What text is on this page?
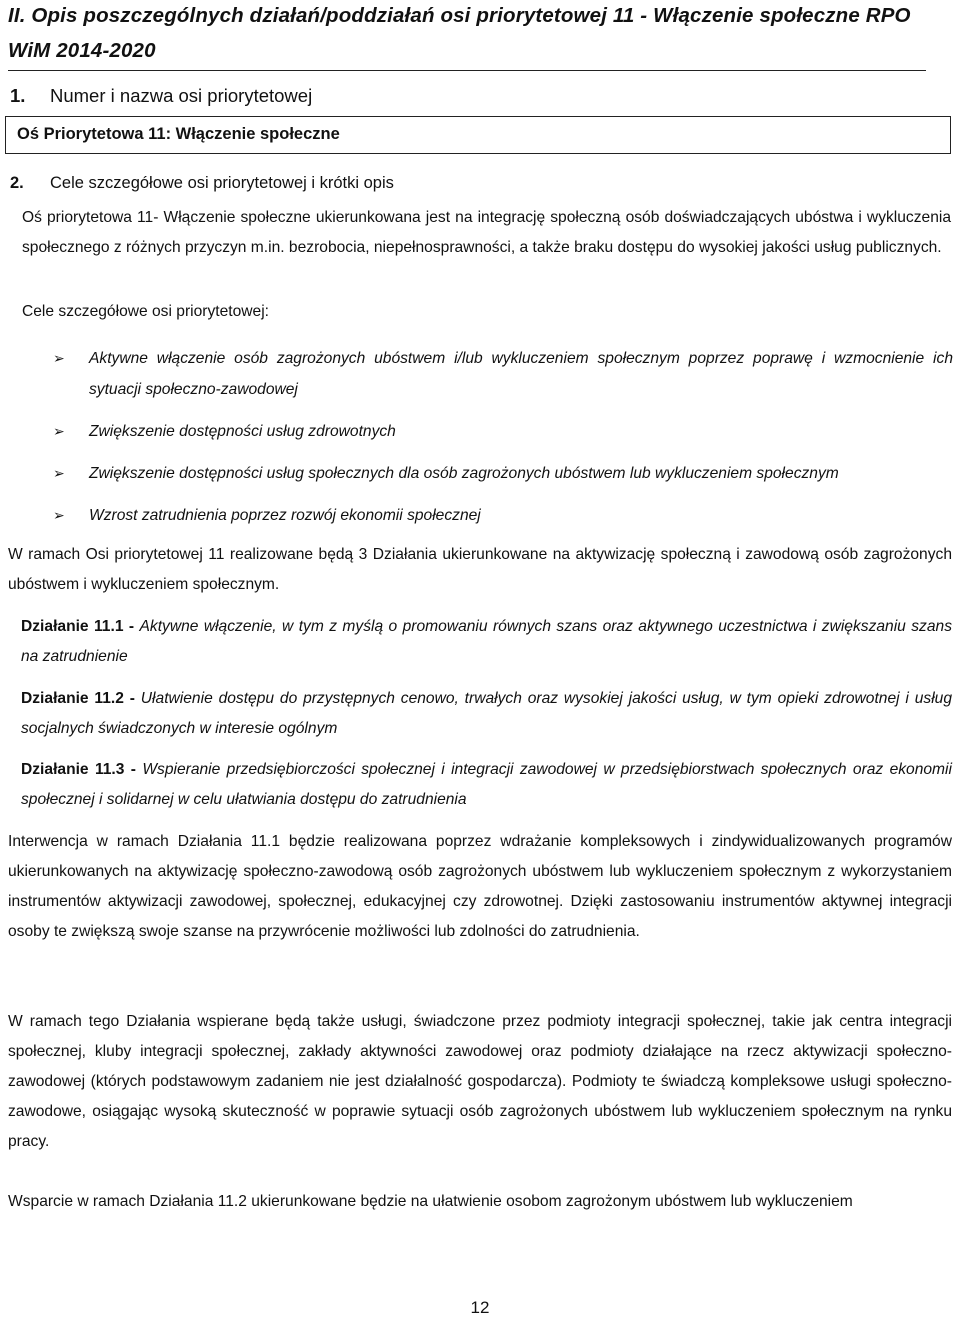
II. Opis poszczególnych działań/poddziałań osi priorytetowej 11 - Włączenie społeczne RPO WiM 2014-2020
1. Numer i nazwa osi priorytetowej
Oś Priorytetowa 11: Włączenie społeczne
2. Cele szczegółowe osi priorytetowej i krótki opis

Oś priorytetowa 11- Włączenie społeczne ukierunkowana jest na integrację społeczną osób doświadczających ubóstwa i wykluczenia społecznego z różnych przyczyn m.in. bezrobocia, niepełnosprawności, a także braku dostępu do wysokiej jakości usług publicznych.

Cele szczegółowe osi priorytetowej:

➢ Aktywne włączenie osób zagrożonych ubóstwem i/lub wykluczeniem społecznym poprzez poprawę i wzmocnienie ich sytuacji społeczno-zawodowej
➢ Zwiększenie dostępności usług zdrowotnych
➢ Zwiększenie dostępności usług społecznych dla osób zagrożonych ubóstwem lub wykluczeniem społecznym
➢ Wzrost zatrudnienia poprzez rozwój ekonomii społecznej

W ramach Osi priorytetowej 11 realizowane będą 3 Działania ukierunkowane na aktywizację społeczną i zawodową osób zagrożonych ubóstwem i wykluczeniem społecznym.

Działanie 11.1 - Aktywne włączenie, w tym z myślą o promowaniu równych szans oraz aktywnego uczestnictwa i zwiększaniu szans na zatrudnienie

Działanie 11.2 - Ułatwienie dostępu do przystępnych cenowo, trwałych oraz wysokiej jakości usług, w tym opieki zdrowotnej i usług socjalnych świadczonych w interesie ogólnym

Działanie 11.3 - Wspieranie przedsiębiorczości społecznej i integracji zawodowej w przedsiębiorstwach społecznych oraz ekonomii społecznej i solidarnej w celu ułatwiania dostępu do zatrudnienia

Interwencja w ramach Działania 11.1 będzie realizowana poprzez wdrażanie kompleksowych i zindywidualizowanych programów ukierunkowanych na aktywizację społeczno-zawodową osób zagrożonych ubóstwem lub wykluczeniem społecznym z wykorzystaniem instrumentów aktywizacji zawodowej, społecznej, edukacyjnej czy zdrowotnej. Dzięki zastosowaniu instrumentów aktywnej integracji osoby te zwiększą swoje szanse na przywrócenie możliwości lub zdolności do zatrudnienia.

W ramach tego Działania wspierane będą także usługi, świadczone przez podmioty integracji społecznej, takie jak centra integracji społecznej, kluby integracji społecznej, zakłady aktywności zawodowej oraz podmioty działające na rzecz aktywizacji społeczno-zawodowej (których podstawowym zadaniem nie jest działalność gospodarcza). Podmioty te świadczą kompleksowe usługi społeczno-zawodowe, osiągając wysoką skuteczność w poprawie sytuacji osób zagrożonych ubóstwem lub wykluczeniem społecznym na rynku pracy.

Wsparcie w ramach Działania 11.2 ukierunkowane będzie na ułatwienie osobom zagrożonym ubóstwem lub wykluczeniem

12
